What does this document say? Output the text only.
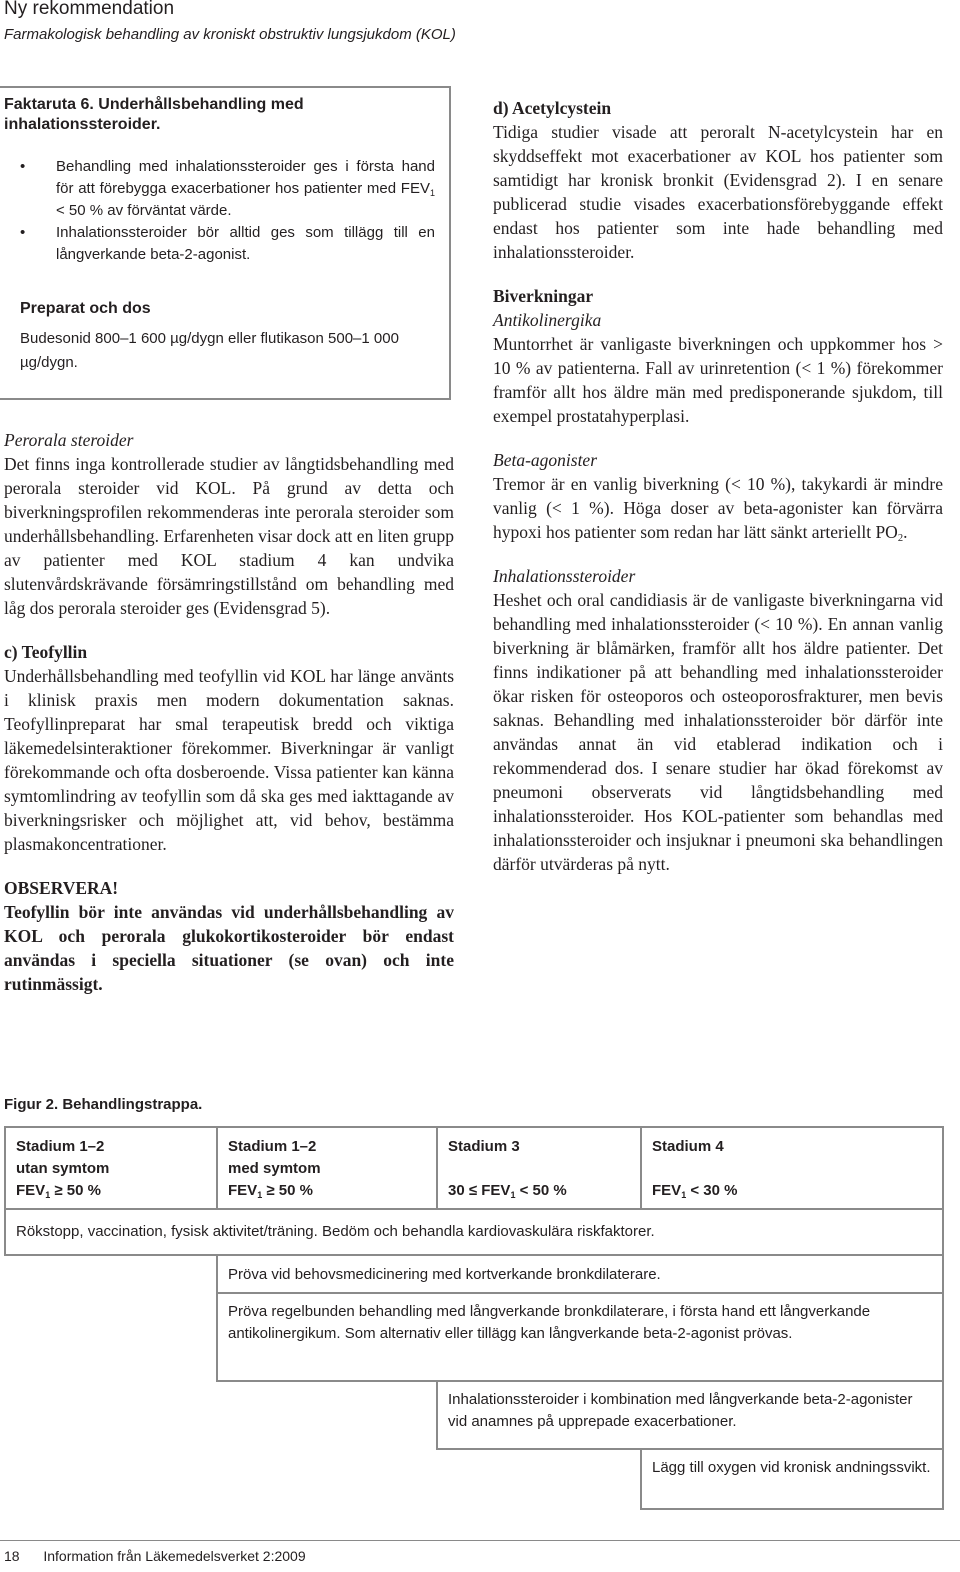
Ny rekommendation
Farmakologisk behandling av kroniskt obstruktiv lungsjukdom (KOL)
Faktaruta 6. Underhållsbehandling med inhalationssteroider.
• Behandling med inhalationssteroider ges i första hand för att förebygga exacerbationer hos patienter med $FEV_1 < 50$ % av förväntat värde.
• Inhalationssteroider bör alltid ges som tillägg till en långverkande beta-2-agonist.
Preparat och dos
Budesonid 800–1 600 µg/dygn eller flutikason 500–1 000 µg/dygn.

Perorala steroider

Det finns inga kontrollerade studier av långtidsbehandling med perorala steroider vid KOL. På grund av detta och biverkningsprofilen rekommenderas inte perorala steroider som underhållsbehandling. Erfarenheten visar dock att en liten grupp av patienter med KOL stadium 4 kan undvika slutenvårdskrävande försämringstillstånd om behandling med låg dos perorala steroider ges (Evidensgrad 5).

c) Teofyllin

Underhållsbehandling med teofyllin vid KOL har länge använts i klinisk praxis men modern dokumentation saknas. Teofyllinpreparat har smal terapeutisk bredd och viktiga läkemedelsinteraktioner förekommer. Biverkningar är vanligt förekommande och ofta dosberoende. Vissa patienter kan känna symtomlindring av teofyllin som då ska ges med iakttagande av biverkningsrisker och möjlighet att, vid behov, bestämma plasmakoncentrationer.

OBSERVERA!

Teofyllin bör inte användas vid underhållsbehandling av KOL och perorala glukokortikosteroider bör endast användas i speciella situationer (se ovan) och inte rutinmässigt.

d) Acetylcystein

Tidiga studier visade att peroralt N-acetylcystein har en skyddseffekt mot exacerbationer av KOL hos patienter som samtidigt har kronisk bronkit (Evidensgrad 2). I en senare publicerad studie visades exacerbationsförebyggande effekt endast hos patienter som inte hade behandling med inhalationssteroider.

Biverkningar

Antikolinergika

Muntorrhet är vanligaste biverkningen och uppkommer hos > 10 % av patienterna. Fall av urinretention (< 1 %) förekommer framför allt hos äldre män med predisponerande sjukdom, till exempel prostatahyperplasi.

Beta-agonister

Tremor är en vanlig biverkning (< 10 %), takykardi är mindre vanlig (< 1 %). Höga doser av beta-agonister kan förvärra hypoxi hos patienter som redan har lätt sänkt arteriellt $PO_2$.

Inhalationssteroider

Heshet och oral candidiasis är de vanligaste biverkningarna vid behandling med inhalationssteroider (< 10 %). En annan vanlig biverkning är blåmärken, framför allt hos äldre patienter. Det finns indikationer på att behandling med inhalationssteroider ökar risken för osteoporos och osteoporosfrakturer, men bevis saknas. Behandling med inhalationssteroider bör därför inte användas annat än vid etablerad indikation och i rekommenderad dos. I senare studier har ökad förekomst av pneumoni observerats vid långtidsbehandling med inhalationssteroider. Hos KOL-patienter som behandlas med inhalationssteroider och insjuknar i pneumoni ska behandlingen därför utvärderas på nytt.

Figur 2. Behandlingstrappa.
Stadium 1–2
utan symtom
$FEV_1 \ge 50$ %
Stadium 1–2
med symtom
$FEV_1 \ge 50$ %
Stadium 3
$30 \le FEV_1 < 50$ %
Stadium 4
$FEV_1 < 30$ %
Rökstopp, vaccination, fysisk aktivitet/träning. Bedöm och behandla kardiovaskulära riskfaktorer.
Pröva vid behovsmedicinering med kortverkande bronkdilaterare.
Pröva regelbunden behandling med långverkande bronkdilaterare, i första hand ett långverkande antikolinergikum. Som alternativ eller tillägg kan långverkande beta-2-agonist prövas.
Inhalationssteroider i kombination med långverkande beta-2-agonister vid anamnes på upprepade exacerbationer.
Lägg till oxygen vid kronisk andningssvikt.
18 Information från Läkemedelsverket 2:2009
